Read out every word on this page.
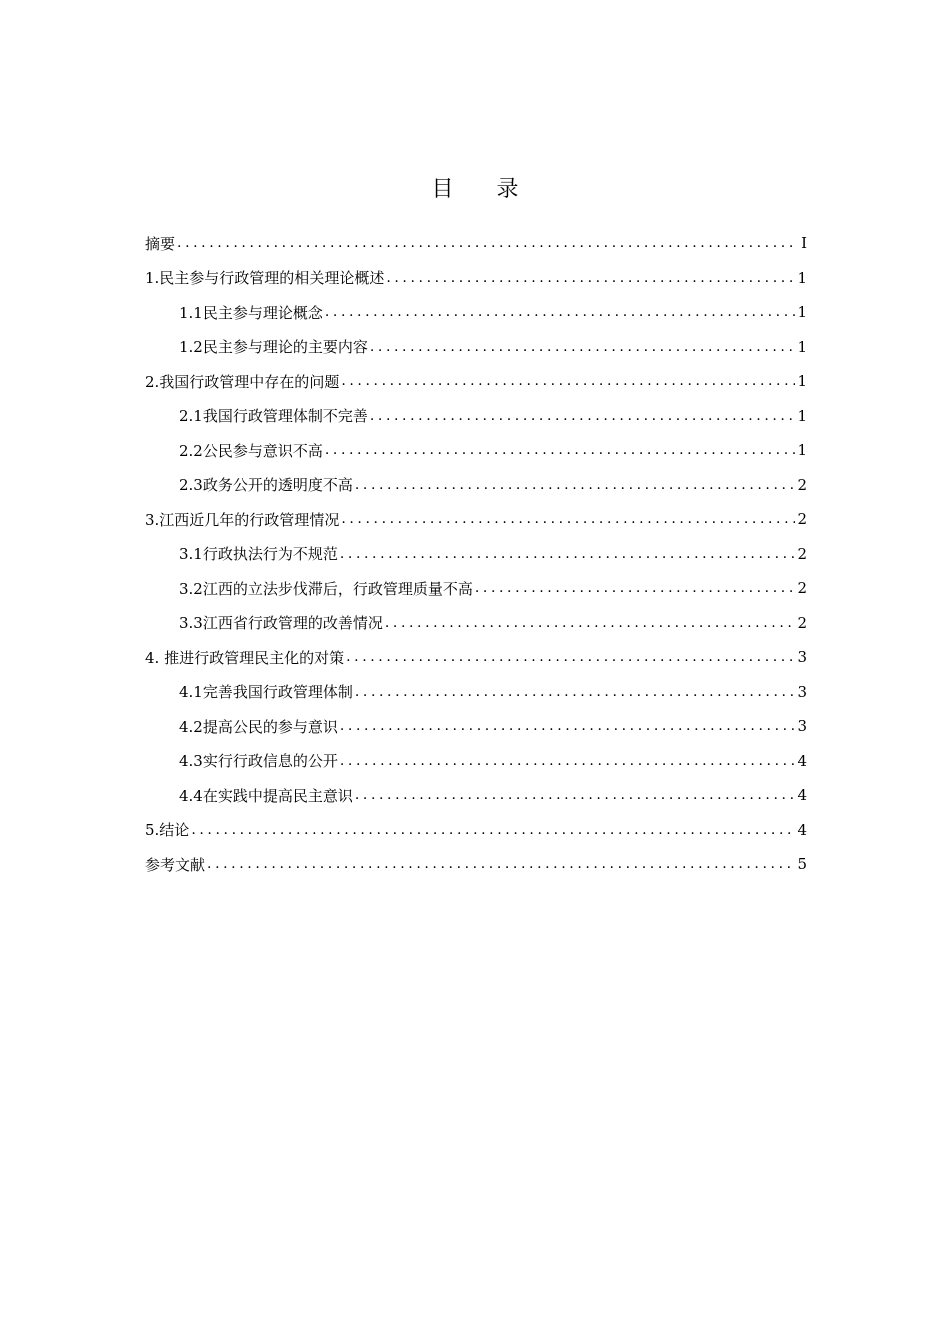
目 录
摘要 .....	I
1.民主参与行政管理的相关理论概述 .....	1
1.1民主参与理论概念 .....	1
1.2民主参与理论的主要内容 .....	1
2.我国行政管理中存在的问题 .....	1
2.1我国行政管理体制不完善 .....	1
2.2公民参与意识不高 .....	1
2.3政务公开的透明度不高 .....	2
3.江西近几年的行政管理情况 .....	2
3.1行政执法行为不规范 .....	2
3.2江西的立法步伐滞后，行政管理质量不高 .....	2
3.3江西省行政管理的改善情况 .....	2
4. 推进行政管理民主化的对策 .....	3
4.1完善我国行政管理体制 .....	3
4.2提高公民的参与意识 .....	3
4.3实行行政信息的公开 .....	4
4.4在实践中提高民主意识 .....	4
5.结论 .....	4
参考文献 .....	5
